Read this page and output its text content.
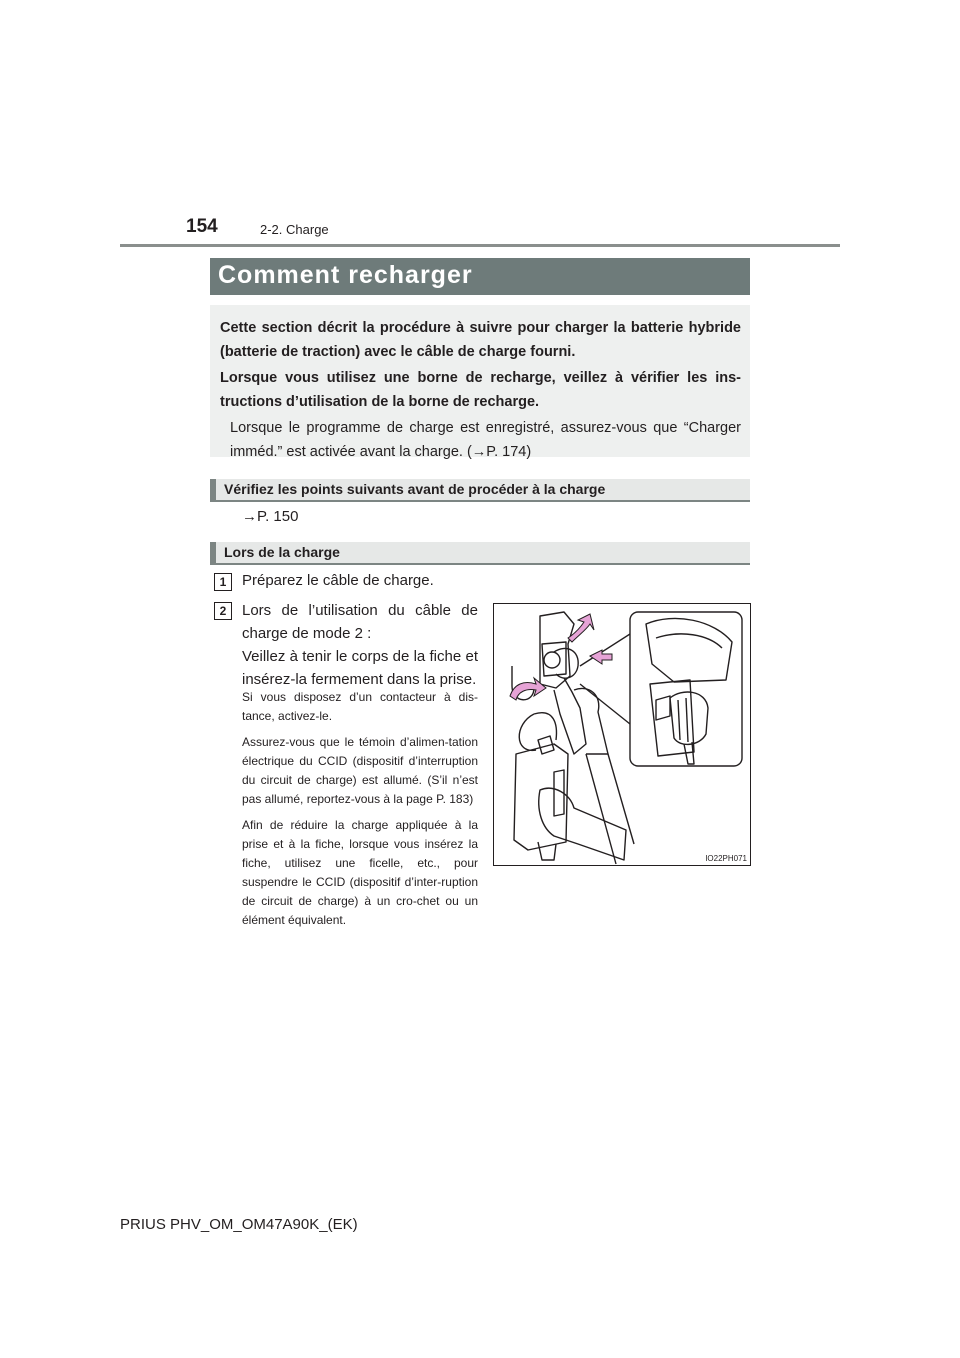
154	2-2. Charge
Comment recharger

Cette section décrit la procédure à suivre pour charger la batterie hybride (batterie de traction) avec le câble de charge fourni.

Lorsque vous utilisez une borne de recharge, veillez à vérifier les ins-tructions d’utilisation de la borne de recharge.

Lorsque le programme de charge est enregistré, assurez-vous que “Charger imméd.” est activée avant la charge. (→P. 174)

Vérifiez les points suivants avant de procéder à la charge
→P. 150
Lors de la charge
1	Préparez le câble de charge.
2	Lors de l’utilisation du câble de charge de mode 2 :

Veillez à tenir le corps de la fiche et insérez-la fermement dans la prise.

Si vous disposez d’un contacteur à dis-tance, activez-le.

Assurez-vous que le témoin d’alimen-tation électrique du CCID (dispositif d’interruption du circuit de charge) est allumé. (S’il n’est pas allumé, reportez-vous à la page P. 183)

Afin de réduire la charge appliquée à la prise et à la fiche, lorsque vous insérez la fiche, utilisez une ficelle, etc., pour suspendre le CCID (dispositif d’inter-ruption de circuit de charge) à un cro-chet ou un élément équivalent.

IO22PH071
PRIUS PHV_OM_OM47A90K_(EK)
